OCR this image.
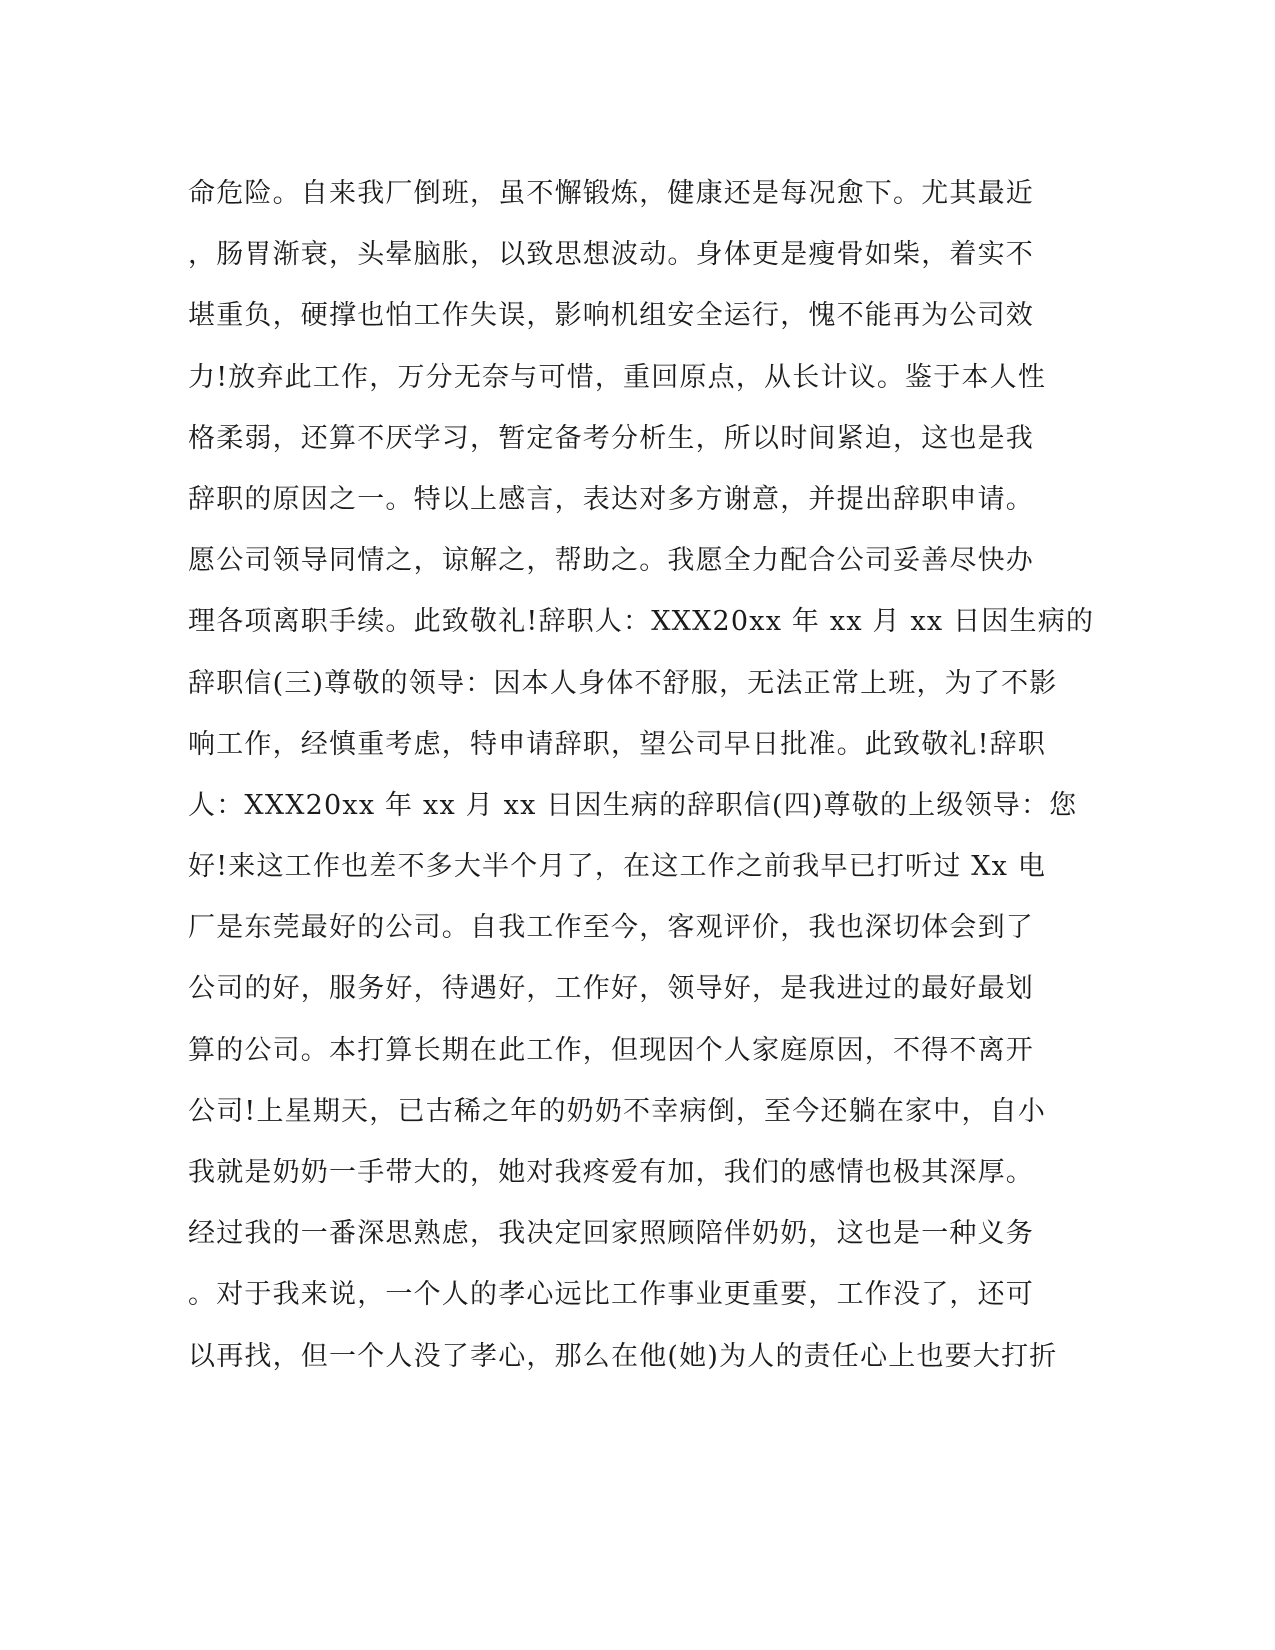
命危险。自来我厂倒班，虽不懈锻炼，健康还是每况愈下。尤其最近
，肠胃渐衰，头晕脑胀，以致思想波动。身体更是瘦骨如柴，着实不
堪重负，硬撑也怕工作失误，影响机组安全运行，愧不能再为公司效
力!放弃此工作，万分无奈与可惜，重回原点，从长计议。鉴于本人性
格柔弱，还算不厌学习，暂定备考分析生，所以时间紧迫，这也是我
辞职的原因之一。特以上感言，表达对多方谢意，并提出辞职申请。
愿公司领导同情之，谅解之，帮助之。我愿全力配合公司妥善尽快办
理各项离职手续。此致敬礼!辞职人：XXX20xx 年 xx 月 xx 日因生病的
辞职信(三)尊敬的领导：因本人身体不舒服，无法正常上班，为了不影
响工作，经慎重考虑，特申请辞职，望公司早日批准。此致敬礼!辞职
人：XXX20xx 年 xx 月 xx 日因生病的辞职信(四)尊敬的上级领导：您
好!来这工作也差不多大半个月了，在这工作之前我早已打听过 Xx 电
厂是东莞最好的公司。自我工作至今，客观评价，我也深切体会到了
公司的好，服务好，待遇好，工作好，领导好，是我进过的最好最划
算的公司。本打算长期在此工作，但现因个人家庭原因，不得不离开
公司!上星期天，已古稀之年的奶奶不幸病倒，至今还躺在家中，自小
我就是奶奶一手带大的，她对我疼爱有加，我们的感情也极其深厚。
经过我的一番深思熟虑，我决定回家照顾陪伴奶奶，这也是一种义务
。对于我来说，一个人的孝心远比工作事业更重要，工作没了，还可
以再找，但一个人没了孝心，那么在他(她)为人的责任心上也要大打折
